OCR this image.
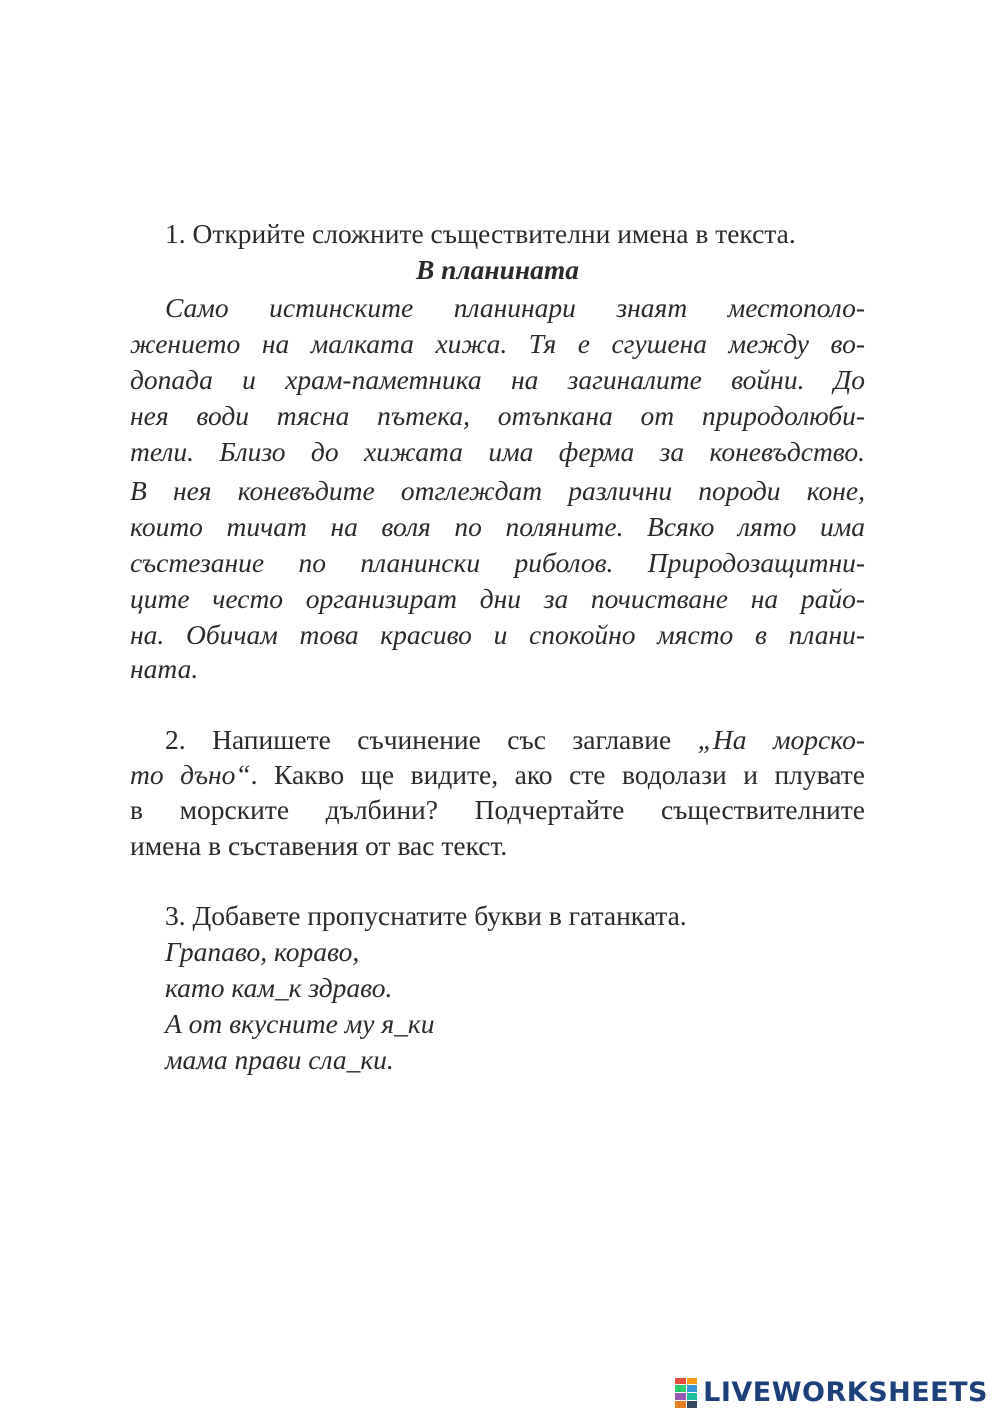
1. Открийте сложните съществителни имена в текста.

В планината

Само истинските планинари знаят местополо-

жението на малката хижа. Тя е сгушена между во-

допада и храм-паметника на загиналите войни. До

нея води тясна пътека, отъпкана от природолюби-

тели. Близо до хижата има ферма за коневъдство.

В нея коневъдите отглеждат различни породи коне,

които тичат на воля по поляните. Всяко лято има

състезание по планински риболов. Природозащитни-

ците често организират дни за почистване на райо-

на. Обичам това красиво и спокойно място в плани-

ната.

2. Напишете съчинение със заглавие „На морско-

то дъно“. Какво ще видите, ако сте водолази и плувате

в морските дълбини? Подчертайте съществителните

имена в съставения от вас текст.

3. Добавете пропуснатите букви в гатанката.

Грапаво, кораво,

като кам_к здраво.

А от вкусните му я_ки

мама прави сла_ки.

LIVEWORKSHEETS
